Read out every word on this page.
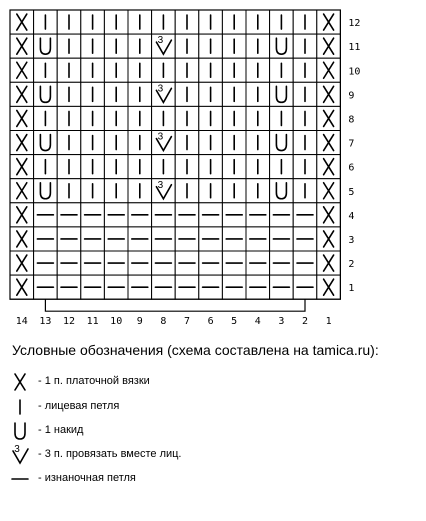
3
3
3
3
12
11
10
9
8
7
6
5
4
3
2
1
14 13 12 11 10 9 8 7 6 5 4 3 2 1
Условные обозначения (схема составлена на tamica.ru):
- 1 п. платочной вязки
- лицевая петля
- 1 накид
3 - 3 п. провязать вместе лиц.
- изнаночная петля
